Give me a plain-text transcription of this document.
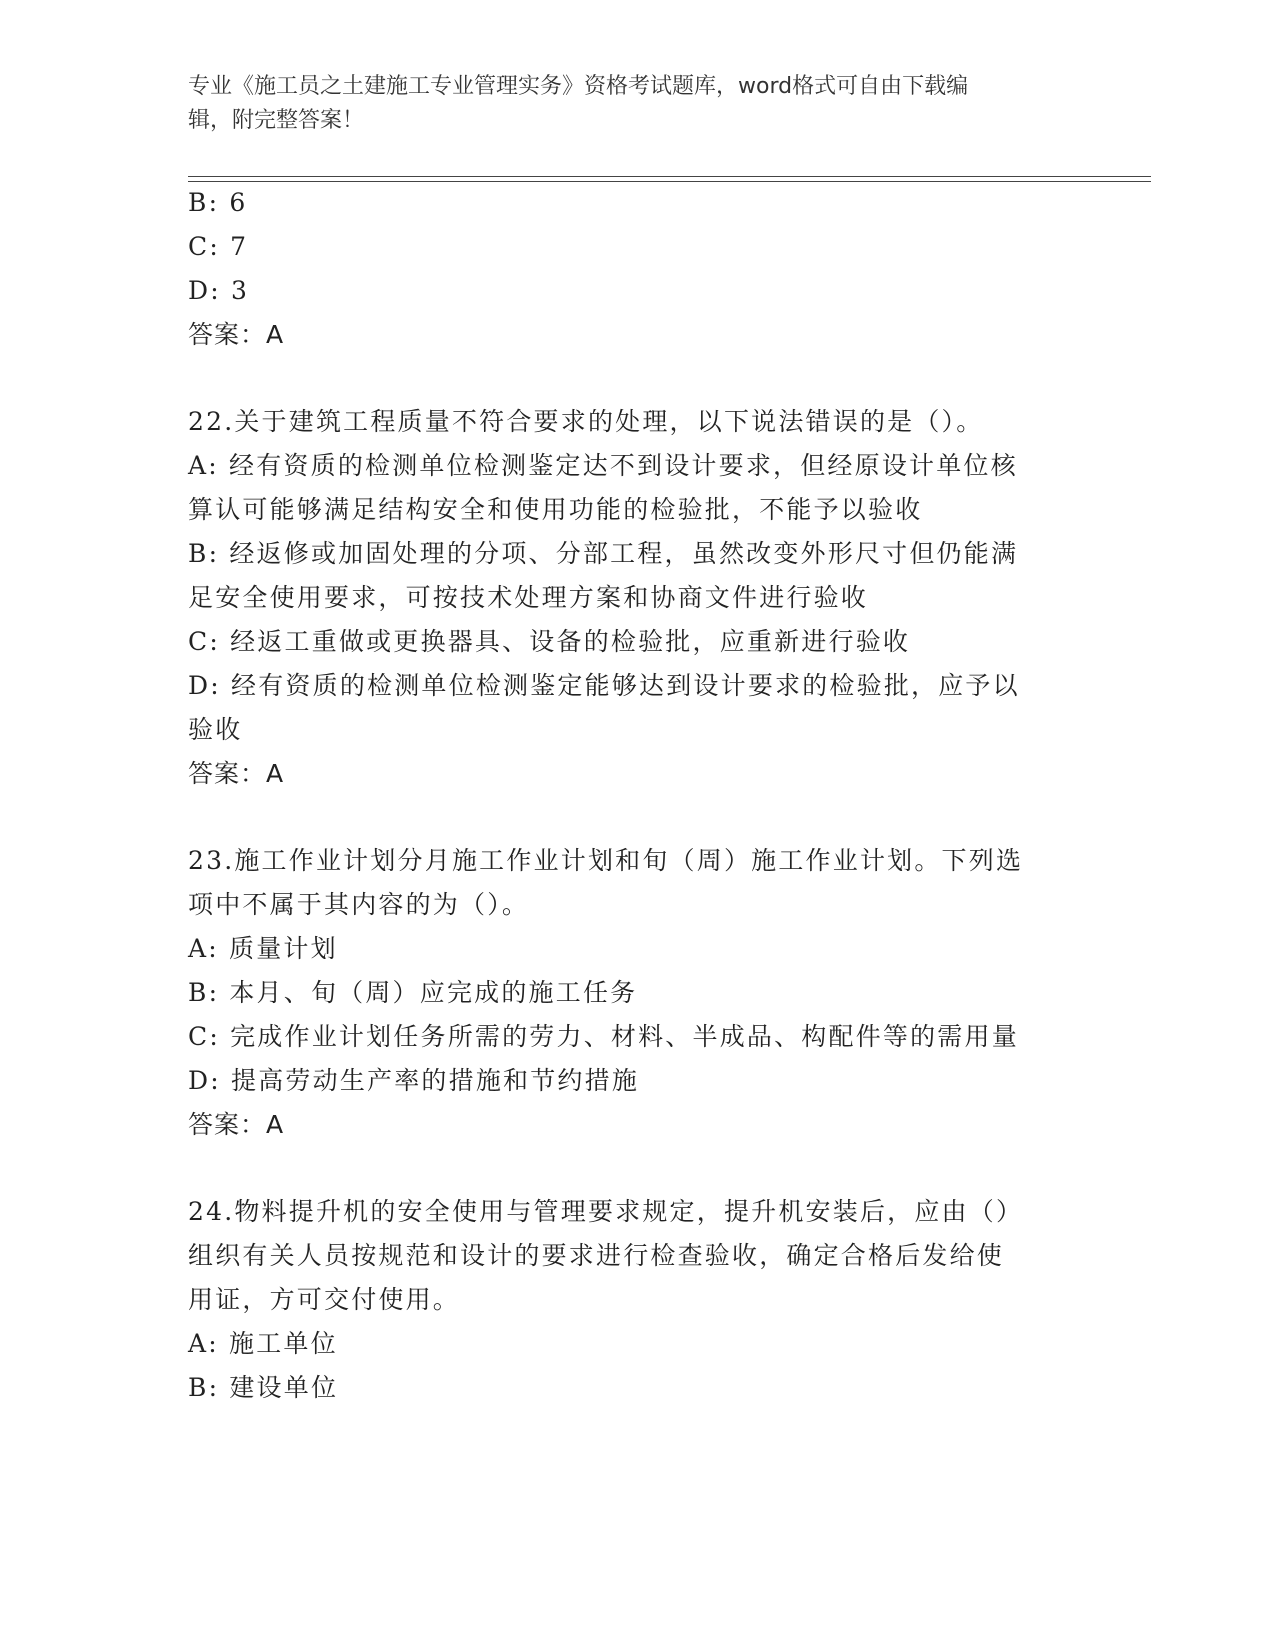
专业《施工员之土建施工专业管理实务》资格考试题库，word格式可自由下载编
辑，附完整答案！

B: 6

C: 7

D: 3

答案：A

22.关于建筑工程质量不符合要求的处理，以下说法错误的是（）。

A: 经有资质的检测单位检测鉴定达不到设计要求，但经原设计单位核

算认可能够满足结构安全和使用功能的检验批，不能予以验收

B: 经返修或加固处理的分项、分部工程，虽然改变外形尺寸但仍能满

足安全使用要求，可按技术处理方案和协商文件进行验收

C: 经返工重做或更换器具、设备的检验批，应重新进行验收

D: 经有资质的检测单位检测鉴定能够达到设计要求的检验批，应予以

验收

答案：A

23.施工作业计划分月施工作业计划和旬（周）施工作业计划。下列选

项中不属于其内容的为（）。

A: 质量计划

B: 本月、旬（周）应完成的施工任务

C: 完成作业计划任务所需的劳力、材料、半成品、构配件等的需用量

D: 提高劳动生产率的措施和节约措施

答案：A

24.物料提升机的安全使用与管理要求规定，提升机安装后，应由（）

组织有关人员按规范和设计的要求进行检查验收，确定合格后发给使

用证，方可交付使用。

A: 施工单位

B: 建设单位
